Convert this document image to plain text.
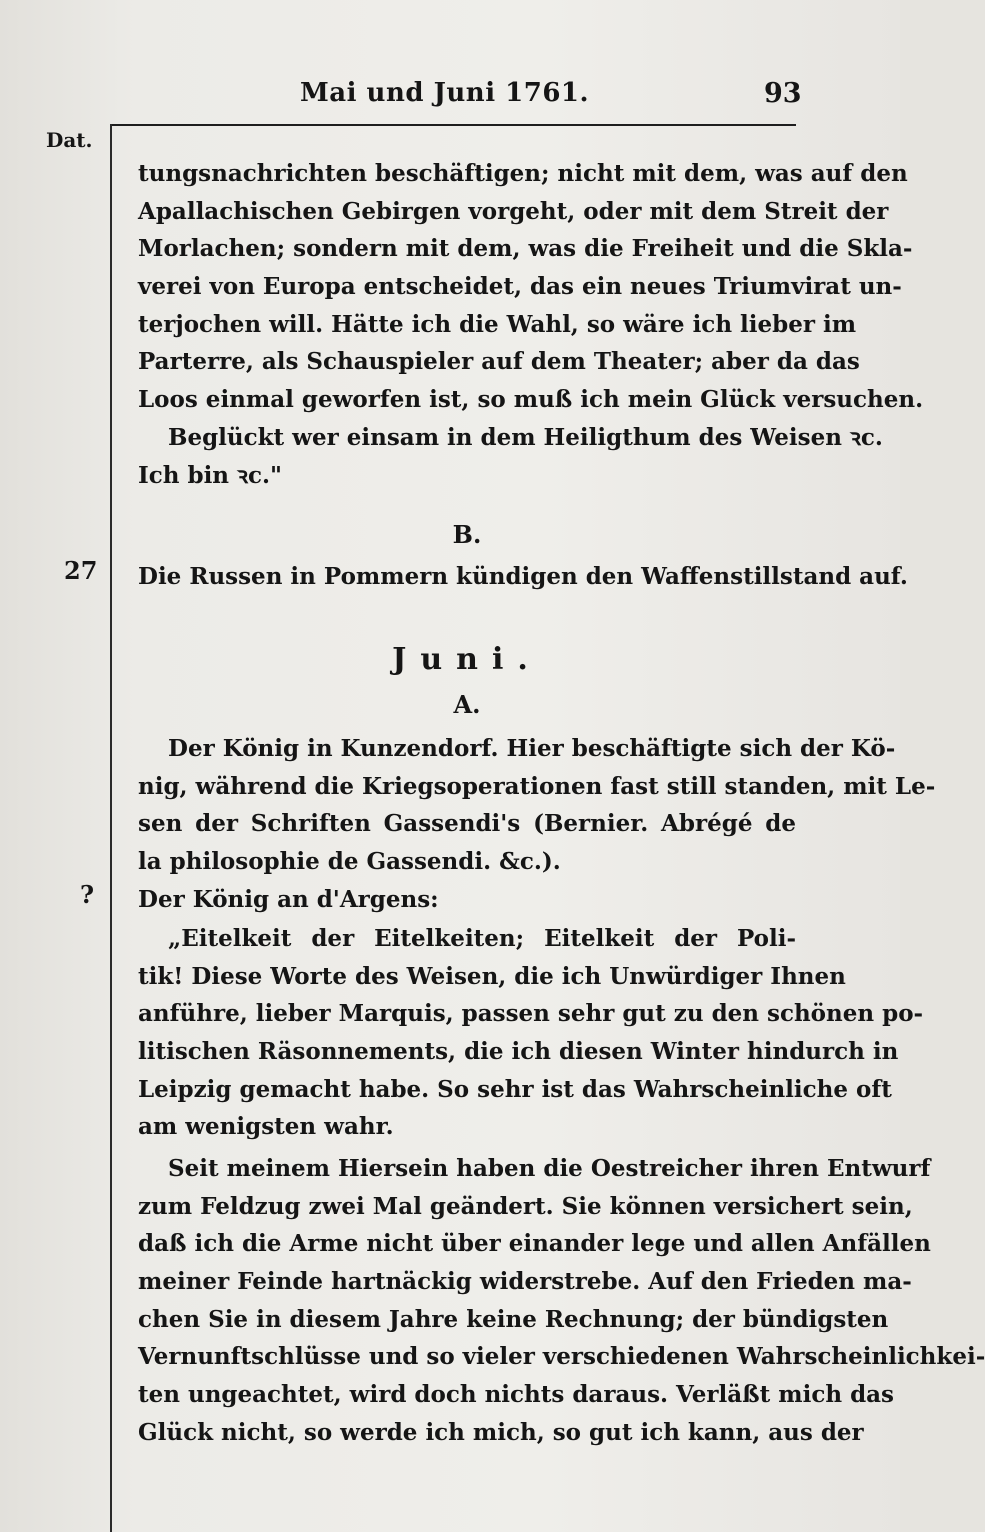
Mai und Juni 1761.	93
Dat.
27
?
tungsnachrichten beschäftigen; nicht mit dem, was auf den
Apallachischen Gebirgen vorgeht, oder mit dem Streit der
Morlachen; sondern mit dem, was die Freiheit und die Skla-
verei von Europa entscheidet, das ein neues Triumvirat un-
terjochen will. Hätte ich die Wahl, so wäre ich lieber im
Parterre, als Schauspieler auf dem Theater; aber da das
Loos einmal geworfen ist, so muß ich mein Glück versuchen.
Beglückt wer einsam in dem Heiligthum des Weisen ꝛc.
Ich bin ꝛc."
B.
Die Russen in Pommern kündigen den Waffenstillstand auf.
Juni.
A.
Der König in Kunzendorf. Hier beschäftigte sich der Kö-
nig, während die Kriegsoperationen fast still standen, mit Le-
sen der Schriften Gassendi's (Bernier. Abrégé de
la philosophie de Gassendi. &c.).
Der König an d'Argens:
„Eitelkeit der Eitelkeiten; Eitelkeit der Poli-
tik! Diese Worte des Weisen, die ich Unwürdiger Ihnen
anführe, lieber Marquis, passen sehr gut zu den schönen po-
litischen Räsonnements, die ich diesen Winter hindurch in
Leipzig gemacht habe. So sehr ist das Wahrscheinliche oft
am wenigsten wahr.
Seit meinem Hiersein haben die Oestreicher ihren Entwurf
zum Feldzug zwei Mal geändert. Sie können versichert sein,
daß ich die Arme nicht über einander lege und allen Anfällen
meiner Feinde hartnäckig widerstrebe. Auf den Frieden ma-
chen Sie in diesem Jahre keine Rechnung; der bündigsten
Vernunftschlüsse und so vieler verschiedenen Wahrscheinlichkei-
ten ungeachtet, wird doch nichts daraus. Verläßt mich das
Glück nicht, so werde ich mich, so gut ich kann, aus der
